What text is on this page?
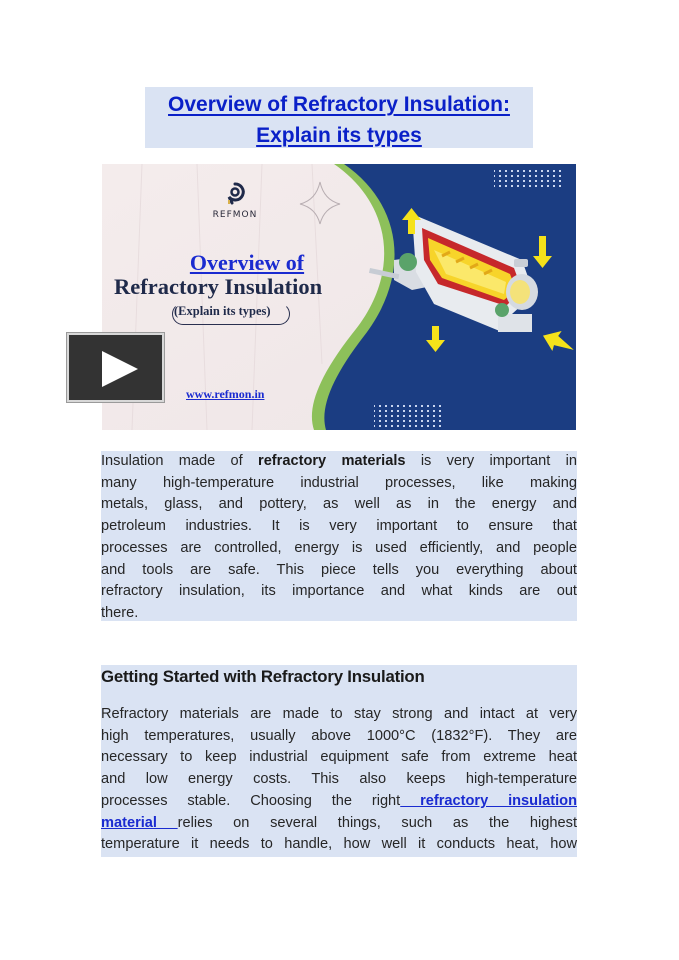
Overview of Refractory Insulation:
Explain its types
REFMON
Overview of
Refractory Insulation
(Explain its types)
www.refmon.in
Insulation made of refractory materials is very important in
many high-temperature industrial processes, like making
metals, glass, and pottery, as well as in the energy and
petroleum industries. It is very important to ensure that
processes are controlled, energy is used efficiently, and people
and tools are safe. This piece tells you everything about
refractory insulation, its importance and what kinds are out
there.
Getting Started with Refractory Insulation
Refractory materials are made to stay strong and intact at very
high temperatures, usually above 1000°C (1832°F). They are
necessary to keep industrial equipment safe from extreme heat
and low energy costs. This also keeps high-temperature
processes stable. Choosing the right refractory insulation
material relies on several things, such as the highest
temperature it needs to handle, how well it conducts heat, how
